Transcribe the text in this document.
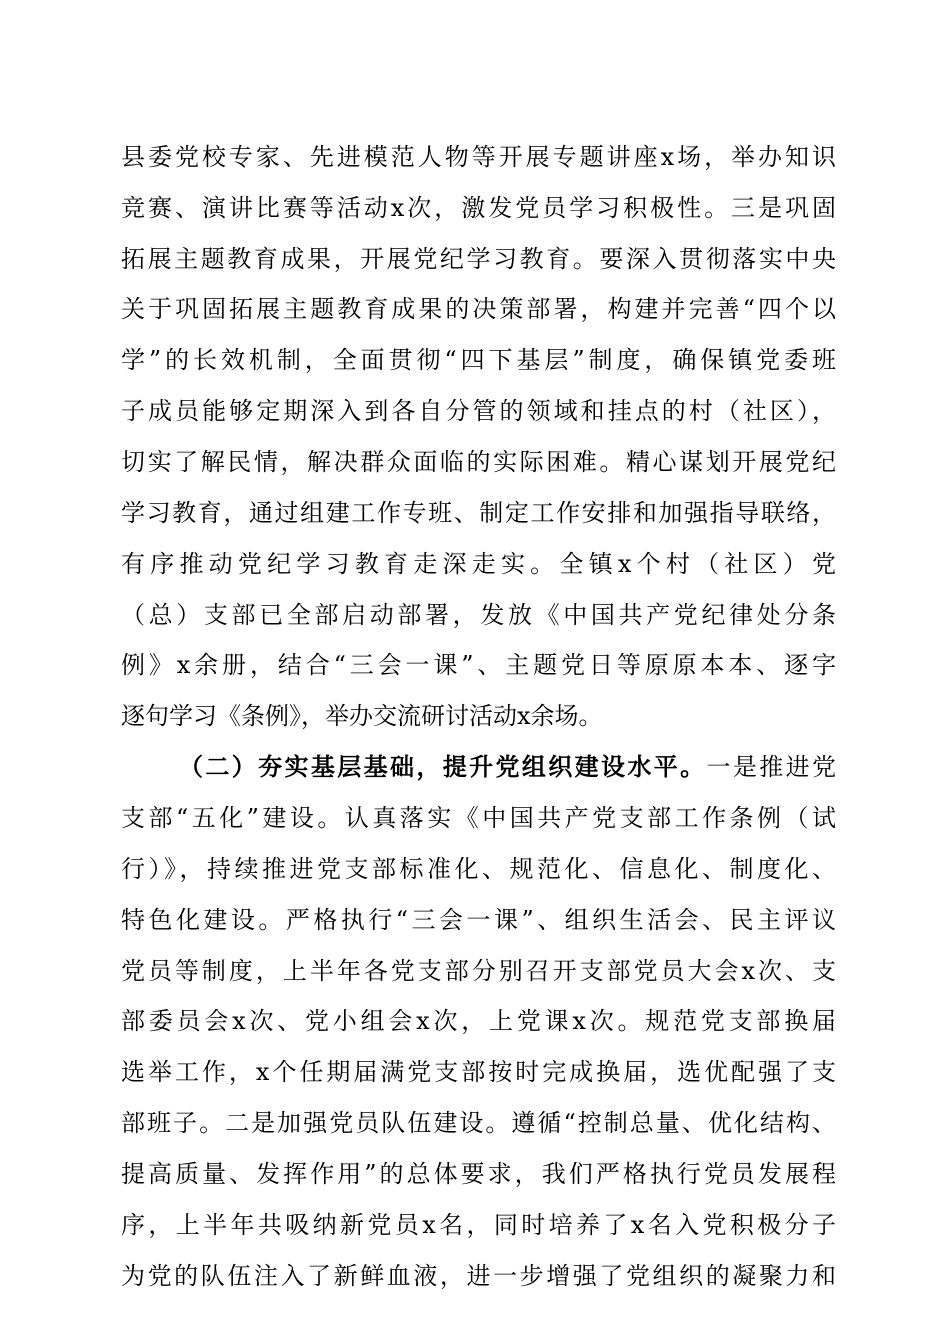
县委党校专家、先进模范人物等开展专题讲座x场，举办知识
竞赛、演讲比赛等活动x次，激发党员学习积极性。三是巩固
拓展主题教育成果，开展党纪学习教育。要深入贯彻落实中央
关于巩固拓展主题教育成果的决策部署，构建并完善“四个以
学”的长效机制，全面贯彻“四下基层”制度，确保镇党委班
子成员能够定期深入到各自分管的领域和挂点的村（社区），
切实了解民情，解决群众面临的实际困难。精心谋划开展党纪
学习教育，通过组建工作专班、制定工作安排和加强指导联络，
有序推动党纪学习教育走深走实。全镇x个村（社区）党
（总）支部已全部启动部署，发放《中国共产党纪律处分条
例》x余册，结合“三会一课”、主题党日等原原本本、逐字
逐句学习《条例》，举办交流研讨活动x余场。
（二）夯实基层基础，提升党组织建设水平。一是推进党
支部“五化”建设。认真落实《中国共产党支部工作条例（试
行）》，持续推进党支部标准化、规范化、信息化、制度化、
特色化建设。严格执行“三会一课”、组织生活会、民主评议
党员等制度，上半年各党支部分别召开支部党员大会x次、支
部委员会x次、党小组会x次，上党课x次。规范党支部换届
选举工作，x个任期届满党支部按时完成换届，选优配强了支
部班子。二是加强党员队伍建设。遵循“控制总量、优化结构、
提高质量、发挥作用”的总体要求，我们严格执行党员发展程
序，上半年共吸纳新党员x名，同时培养了x名入党积极分子
为党的队伍注入了新鲜血液，进一步增强了党组织的凝聚力和
